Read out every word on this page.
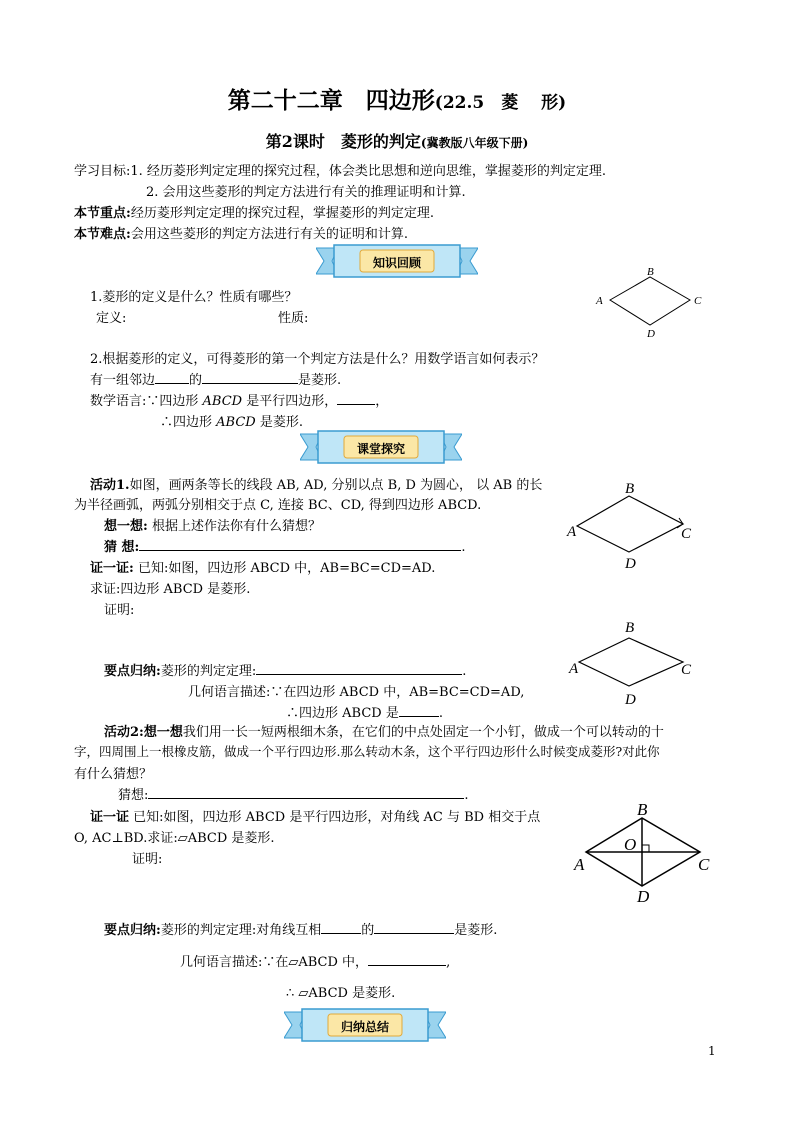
第二十二章　四边形(22.5　菱　 形)
第2课时　菱形的判定(冀教版八年级下册)
学习目标:1. 经历菱形判定定理的探究过程，体会类比思想和逆向思维，掌握菱形的判定定理.
2. 会用这些菱形的判定方法进行有关的推理证明和计算.
本节重点:经历菱形判定定理的探究过程，掌握菱形的判定定理.
本节难点:会用这些菱形的判定方法进行有关的证明和计算.
知识回顾
1.菱形的定义是什么？性质有哪些？
定义:	性质:
B
A	C
D
2.根据菱形的定义，可得菱形的第一个判定方法是什么？用数学语言如何表示？
有一组邻边	的	是菱形.
数学语言:∵四边形 ABCD 是平行四边形，	，
∴四边形 ABCD 是菱形.
课堂探究
活动1.如图，画两条等长的线段 AB, AD, 分别以点 B, D 为圆心， 以 AB 的长
为半径画弧，两弧分别相交于点 C, 连接 BC、CD, 得到四边形 ABCD.
想一想: 根据上述作法你有什么猜想？
猜 想:	.
证一证: 已知:如图，四边形 ABCD 中，AB=BC=CD=AD.
求证:四边形 ABCD 是菱形.
证明:
B
A	C
D
B
A	C
D
要点归纳:菱形的判定定理:	.
几何语言描述:∵在四边形 ABCD 中，AB=BC=CD=AD,
∴四边形 ABCD 是	.
活动2:想一想我们用一长一短两根细木条，在它们的中点处固定一个小钉，做成一个可以转动的十
字，四周围上一根橡皮筋，做成一个平行四边形.那么转动木条，这个平行四边形什么时候变成菱形?对此你
有什么猜想？
猜想:	.
证一证 已知:如图，四边形 ABCD 是平行四边形，对角线 AC 与 BD 相交于点
O, AC⊥BD.求证:▱ABCD 是菱形.
证明:
B
A	C
D
O
要点归纳:菱形的判定定理:对角线互相	的	是菱形.
几何语言描述:∵在▱ABCD 中，	,
∴ ▱ABCD 是菱形.
归纳总结
1
